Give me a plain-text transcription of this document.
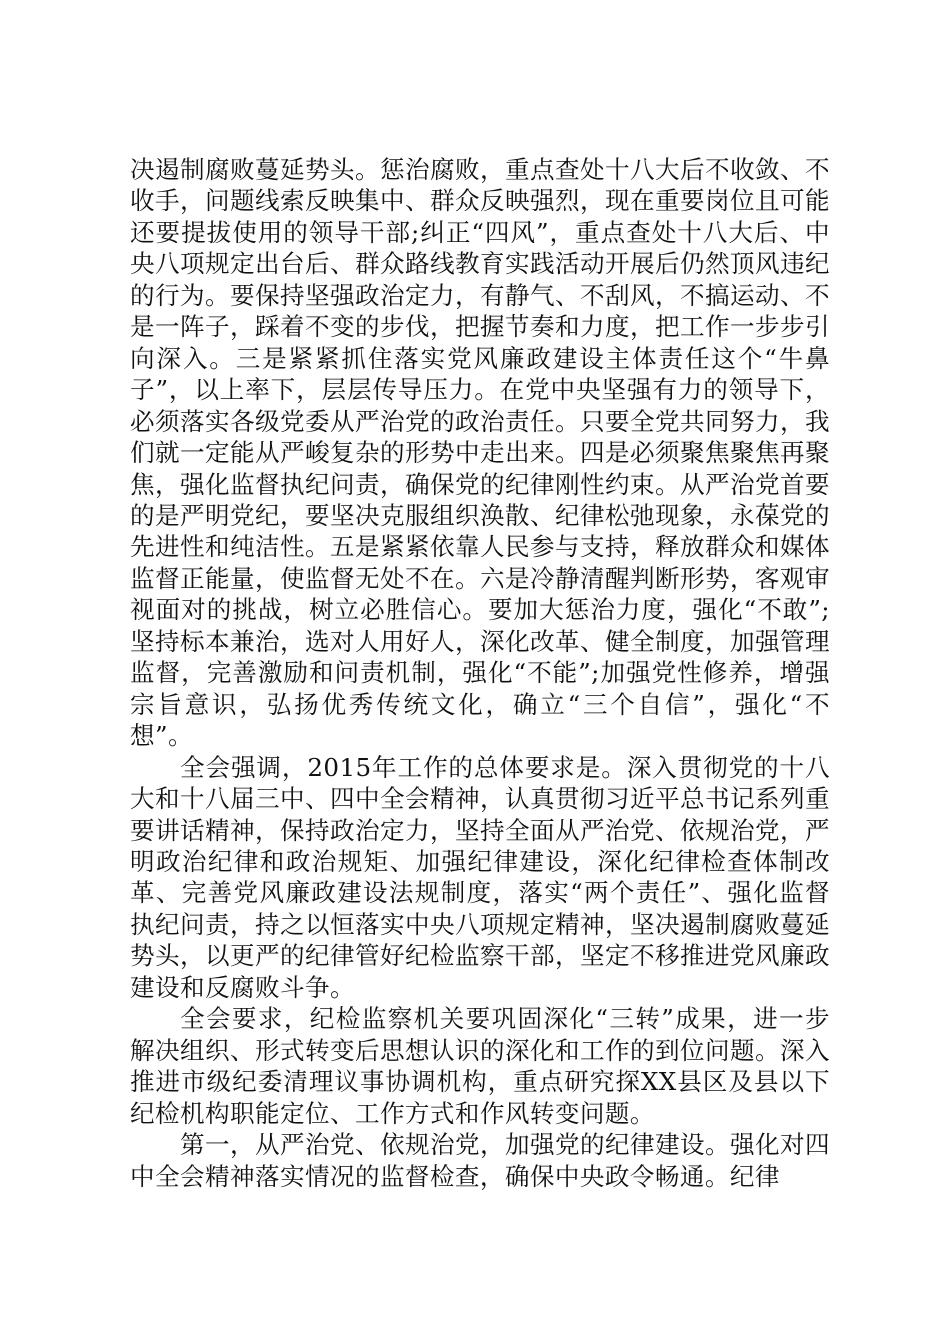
决遏制腐败蔓延势头。惩治腐败，重点查处十八大后不收敛、不收手，问题线索反映集中、群众反映强烈，现在重要岗位且可能还要提拔使用的领导干部;纠正“四风”，重点查处十八大后、中央八项规定出台后、群众路线教育实践活动开展后仍然顶风违纪的行为。要保持坚强政治定力，有静气、不刮风，不搞运动、不是一阵子，踩着不变的步伐，把握节奏和力度，把工作一步步引向深入。三是紧紧抓住落实党风廉政建设主体责任这个“牛鼻子”，以上率下，层层传导压力。在党中央坚强有力的领导下，必须落实各级党委从严治党的政治责任。只要全党共同努力，我们就一定能从严峻复杂的形势中走出来。四是必须聚焦聚焦再聚焦，强化监督执纪问责，确保党的纪律刚性约束。从严治党首要的是严明党纪，要坚决克服组织涣散、纪律松弛现象，永葆党的先进性和纯洁性。五是紧紧依靠人民参与支持，释放群众和媒体监督正能量，使监督无处不在。六是冷静清醒判断形势，客观审视面对的挑战，树立必胜信心。要加大惩治力度，强化“不敢”;坚持标本兼治，选对人用好人，深化改革、健全制度，加强管理监督，完善激励和问责机制，强化“不能”;加强党性修养，增强宗旨意识，弘扬优秀传统文化，确立“三个自信”，强化“不想”。

全会强调，2015年工作的总体要求是。深入贯彻党的十八大和十八届三中、四中全会精神，认真贯彻习近平总书记系列重要讲话精神，保持政治定力，坚持全面从严治党、依规治党，严明政治纪律和政治规矩、加强纪律建设，深化纪律检查体制改革、完善党风廉政建设法规制度，落实“两个责任”、强化监督执纪问责，持之以恒落实中央八项规定精神，坚决遏制腐败蔓延势头，以更严的纪律管好纪检监察干部，坚定不移推进党风廉政建设和反腐败斗争。

全会要求，纪检监察机关要巩固深化“三转”成果，进一步解决组织、形式转变后思想认识的深化和工作的到位问题。深入推进市级纪委清理议事协调机构，重点研究探XX县区及县以下纪检机构职能定位、工作方式和作风转变问题。

第一，从严治党、依规治党，加强党的纪律建设。强化对四中全会精神落实情况的监督检查，确保中央政令畅通。纪律
